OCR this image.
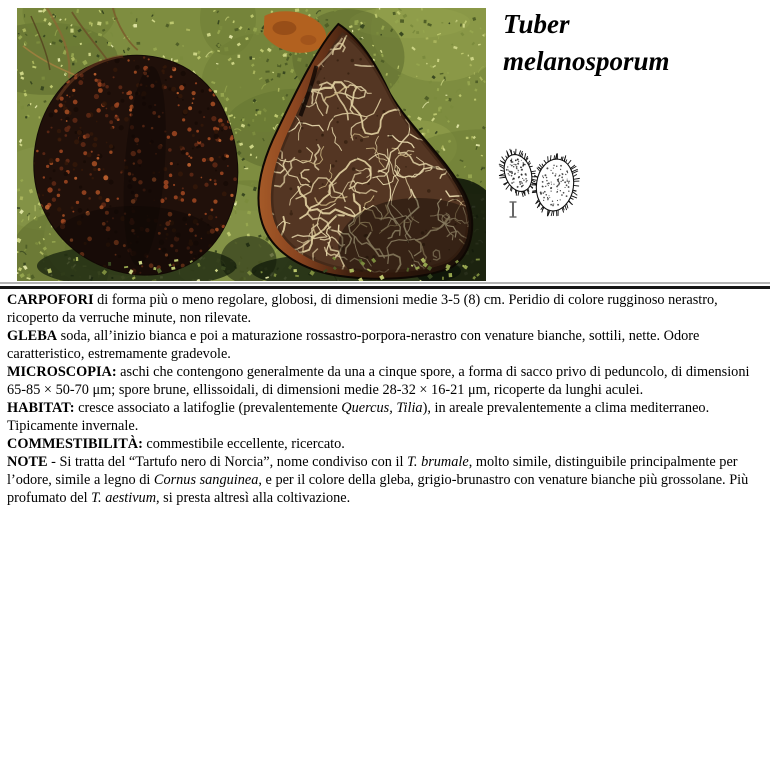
Tuber melanosporum

CARPOFORI di forma più o meno regolare, globosi, di dimensioni medie 3-5 (8) cm. Peridio di colore rugginoso nerastro, ricoperto da verruche minute, non rilevate.

GLEBA soda, all’inizio bianca e poi a maturazione rossastro-porpora-nerastro con venature bianche, sottili, nette. Odore caratteristico, estremamente gradevole.

MICROSCOPIA: aschi che contengono generalmente da una a cinque spore, a forma di sacco privo di peduncolo, di dimensioni 65-85 × 50-70 μm; spore brune, ellissoidali, di dimensioni medie 28-32 × 16-21 μm, ricoperte da lunghi aculei.

HABITAT: cresce associato a latifoglie (prevalentemente Quercus, Tilia), in areale prevalentemente a clima mediterraneo. Tipicamente invernale.

COMMESTIBILITÀ: commestibile eccellente, ricercato.

NOTE - Si tratta del “Tartufo nero di Norcia”, nome condiviso con il T. brumale, molto simile, distinguibile principalmente per l’odore, simile a legno di Cornus sanguinea, e per il colore della gleba, grigio-brunastro con venature bianche più grossolane. Più profumato del T. aestivum, si presta altresì alla coltivazione.
